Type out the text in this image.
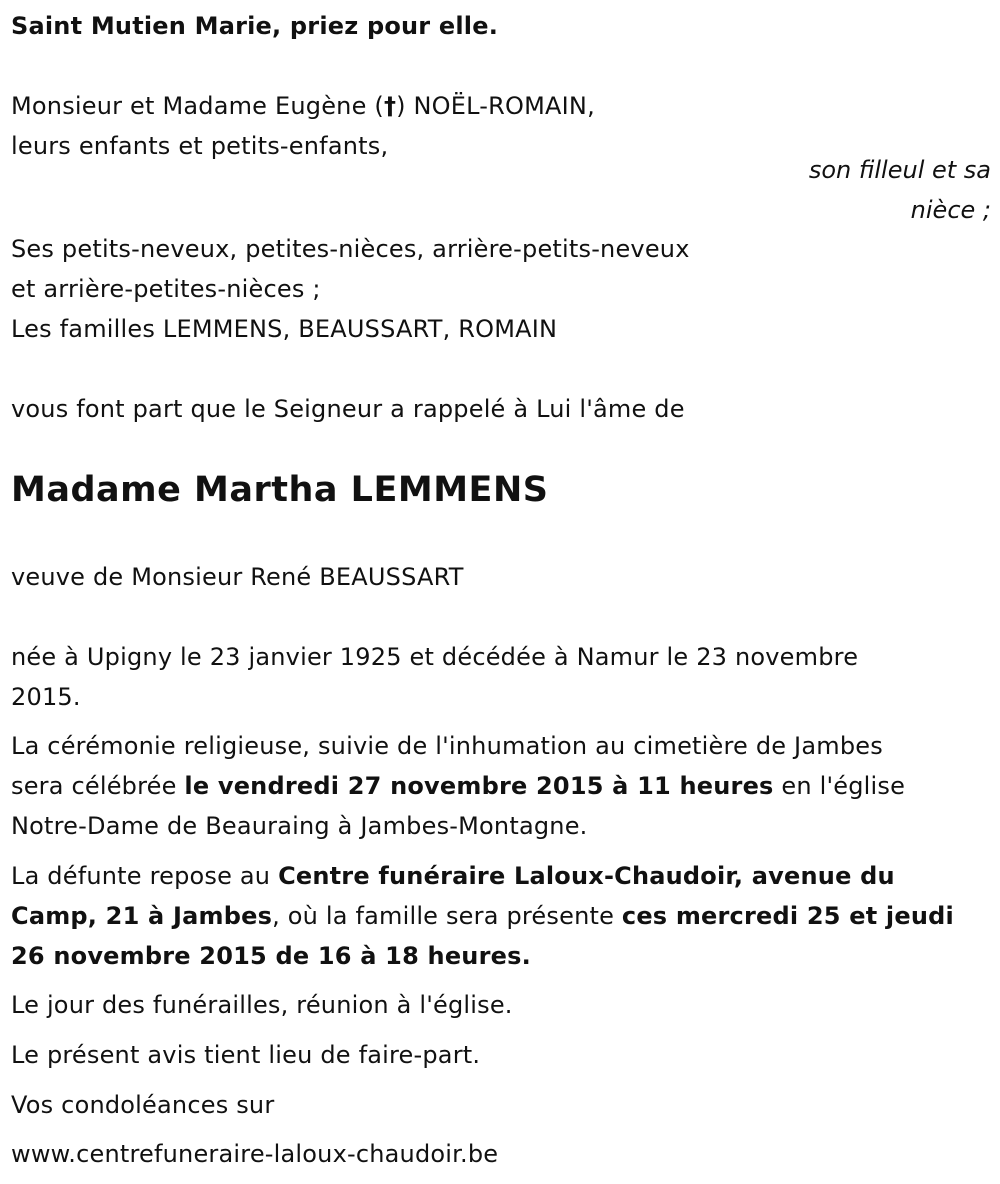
Saint Mutien Marie, priez pour elle.
Monsieur et Madame Eugène (†) NOËL-ROMAIN,
leurs enfants et petits-enfants,
son filleul et sa
nièce ;
Ses petits-neveux, petites-nièces, arrière-petits-neveux
et arrière-petites-nièces ;
Les familles LEMMENS, BEAUSSART, ROMAIN
vous font part que le Seigneur a rappelé à Lui l'âme de
Madame Martha LEMMENS
veuve de Monsieur René BEAUSSART
née à Upigny le 23 janvier 1925 et décédée à Namur le 23 novembre
2015.
La cérémonie religieuse, suivie de l'inhumation au cimetière de Jambes
sera célébrée le vendredi 27 novembre 2015 à 11 heures en l'église
Notre-Dame de Beauraing à Jambes-Montagne.
La défunte repose au Centre funéraire Laloux-Chaudoir, avenue du
Camp, 21 à Jambes, où la famille sera présente ces mercredi 25 et jeudi
26 novembre 2015 de 16 à 18 heures.
Le jour des funérailles, réunion à l'église.
Le présent avis tient lieu de faire-part.
Vos condoléances sur
www.centrefuneraire-laloux-chaudoir.be
